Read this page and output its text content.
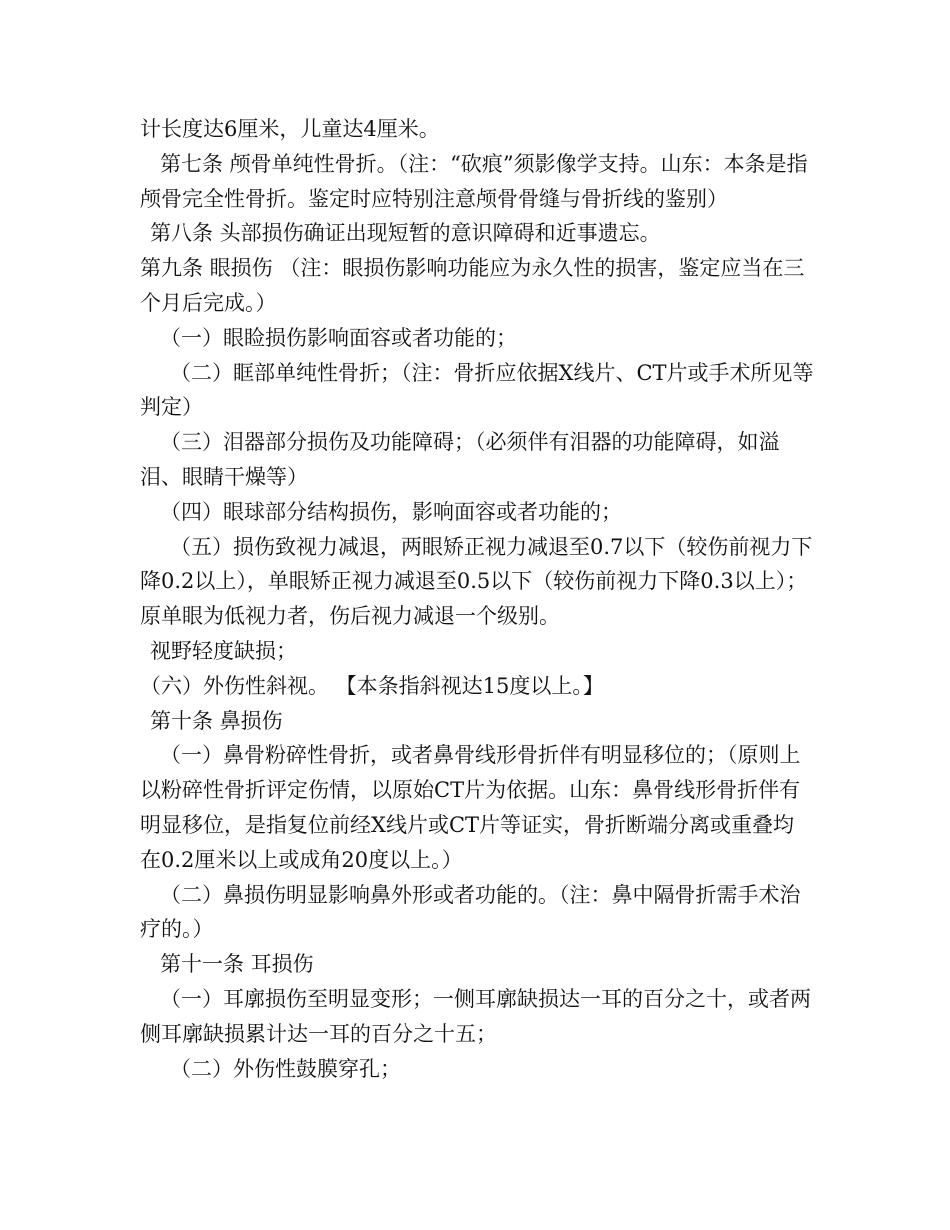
计长度达6厘米，儿童达4厘米。

第七条 颅骨单纯性骨折。（注：“砍痕”须影像学支持。山东：本条是指颅骨完全性骨折。鉴定时应特别注意颅骨骨缝与骨折线的鉴别）

第八条 头部损伤确证出现短暂的意识障碍和近事遗忘。

第九条 眼损伤 （注：眼损伤影响功能应为永久性的损害，鉴定应当在三个月后完成。）

（一）眼睑损伤影响面容或者功能的；

（二）眶部单纯性骨折；（注：骨折应依据X线片、CT片或手术所见等判定）

（三）泪器部分损伤及功能障碍；（必须伴有泪器的功能障碍，如溢泪、眼睛干燥等）

（四）眼球部分结构损伤，影响面容或者功能的；

（五）损伤致视力减退，两眼矫正视力减退至0.7以下（较伤前视力下降0.2以上），单眼矫正视力减退至0.5以下（较伤前视力下降0.3以上）；原单眼为低视力者，伤后视力减退一个级别。

视野轻度缺损；

（六）外伤性斜视。 【本条指斜视达15度以上。】

第十条 鼻损伤

（一）鼻骨粉碎性骨折，或者鼻骨线形骨折伴有明显移位的；（原则上以粉碎性骨折评定伤情，以原始CT片为依据。山东：鼻骨线形骨折伴有明显移位，是指复位前经X线片或CT片等证实，骨折断端分离或重叠均在0.2厘米以上或成角20度以上。）

（二）鼻损伤明显影响鼻外形或者功能的。（注：鼻中隔骨折需手术治疗的。）

第十一条 耳损伤

（一）耳廓损伤至明显变形；一侧耳廓缺损达一耳的百分之十，或者两侧耳廓缺损累计达一耳的百分之十五；

（二）外伤性鼓膜穿孔；
